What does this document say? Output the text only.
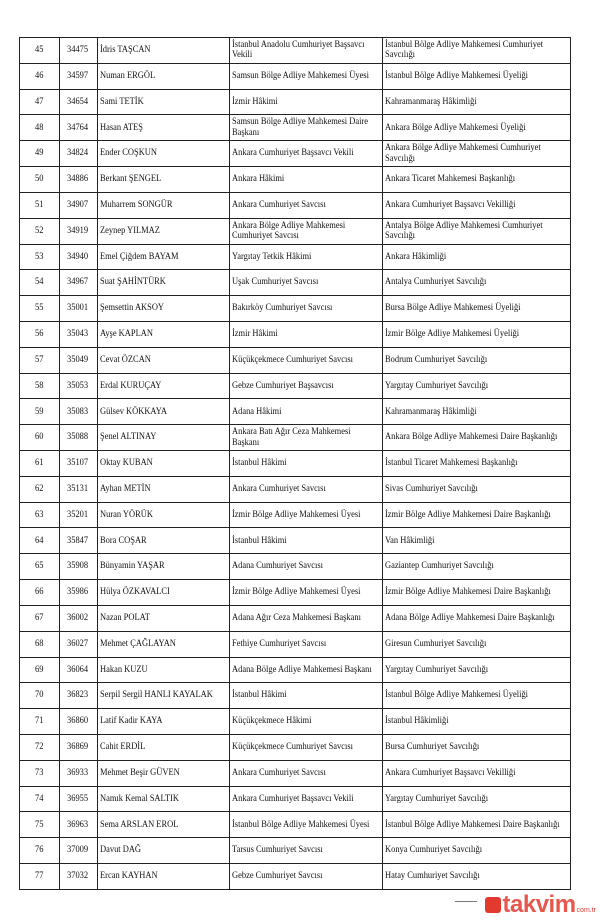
45	34475	İdris TAŞCAN	İstanbul Anadolu Cumhuriyet Başsavcı Vekili	İstanbul Bölge Adliye Mahkemesi Cumhuriyet Savcılığı

46	34597	Numan ERGÖL	Samsun Bölge Adliye Mahkemesi Üyesi	İstanbul Bölge Adliye Mahkemesi Üyeliği

47	34654	Sami TETİK	İzmir Hâkimi	Kahramanmaraş Hâkimliği

48	34764	Hasan ATEŞ	Samsun Bölge Adliye Mahkemesi Daire Başkanı	Ankara Bölge Adliye Mahkemesi Üyeliği

49	34824	Ender COŞKUN	Ankara Cumhuriyet Başsavcı Vekili	Ankara Bölge Adliye Mahkemesi Cumhuriyet Savcılığı

50	34886	Berkant ŞENGEL	Ankara Hâkimi	Ankara Ticaret Mahkemesi Başkanlığı

51	34907	Muharrem SONGÜR	Ankara Cumhuriyet Savcısı	Ankara Cumhuriyet Başsavcı Vekilliği

52	34919	Zeynep YILMAZ	Ankara Bölge Adliye Mahkemesi Cumhuriyet Savcısı	Antalya Bölge Adliye Mahkemesi Cumhuriyet Savcılığı

53	34940	Emel Çiğdem BAYAM	Yargıtay Tetkik Hâkimi	Ankara Hâkimliği

54	34967	Suat ŞAHİNTÜRK	Uşak Cumhuriyet Savcısı	Antalya Cumhuriyet Savcılığı

55	35001	Şemsettin AKSOY	Bakırköy Cumhuriyet Savcısı	Bursa Bölge Adliye Mahkemesi Üyeliği

56	35043	Ayşe KAPLAN	İzmir Hâkimi	İzmir Bölge Adliye Mahkemesi Üyeliği

57	35049	Cevat ÖZCAN	Küçükçekmece Cumhuriyet Savcısı	Bodrum Cumhuriyet Savcılığı

58	35053	Erdal KURUÇAY	Gebze Cumhuriyet Başsavcısı	Yargıtay Cumhuriyet Savcılığı

59	35083	Gülsev KÖKKAYA	Adana Hâkimi	Kahramanmaraş Hâkimliği

60	35088	Şenel ALTINAY	Ankara Batı Ağır Ceza Mahkemesi Başkanı	Ankara Bölge Adliye Mahkemesi Daire Başkanlığı

61	35107	Oktay KUBAN	İstanbul Hâkimi	İstanbul Ticaret Mahkemesi Başkanlığı

62	35131	Ayhan METİN	Ankara Cumhuriyet Savcısı	Sivas Cumhuriyet Savcılığı

63	35201	Nuran YÖRÜK	İzmir Bölge Adliye Mahkemesi Üyesi	İzmir Bölge Adliye Mahkemesi Daire Başkanlığı

64	35847	Bora COŞAR	İstanbul Hâkimi	Van Hâkimliği

65	35908	Bünyamin YAŞAR	Adana Cumhuriyet Savcısı	Gaziantep Cumhuriyet Savcılığı

66	35986	Hülya ÖZKAVALCI	İzmir Bölge Adliye Mahkemesi Üyesi	İzmir Bölge Adliye Mahkemesi Daire Başkanlığı

67	36002	Nazan POLAT	Adana Ağır Ceza Mahkemesi Başkanı	Adana Bölge Adliye Mahkemesi Daire Başkanlığı

68	36027	Mehmet ÇAĞLAYAN	Fethiye Cumhuriyet Savcısı	Giresun Cumhuriyet Savcılığı

69	36064	Hakan KUZU	Adana Bölge Adliye Mahkemesi Başkanı	Yargıtay Cumhuriyet Savcılığı

70	36823	Serpil Sergil HANLI KAYALAK	İstanbul Hâkimi	İstanbul Bölge Adliye Mahkemesi Üyeliği

71	36860	Latif Kadir KAYA	Küçükçekmece Hâkimi	İstanbul Hâkimliği

72	36869	Cahit ERDİL	Küçükçekmece Cumhuriyet Savcısı	Bursa Cumhuriyet Savcılığı

73	36933	Mehmet Beşir GÜVEN	Ankara Cumhuriyet Savcısı	Ankara Cumhuriyet Başsavcı Vekilliği

74	36955	Namık Kemal SALTIK	Ankara Cumhuriyet Başsavcı Vekili	Yargıtay Cumhuriyet Savcılığı

75	36963	Sema ARSLAN EROL	İstanbul Bölge Adliye Mahkemesi Üyesi	İstanbul Bölge Adliye Mahkemesi Daire Başkanlığı

76	37009	Davut DAĞ	Tarsus Cumhuriyet Savcısı	Konya Cumhuriyet Savcılığı

77	37032	Ercan KAYHAN	Gebze Cumhuriyet Savcısı	Hatay Cumhuriyet Savcılığı
takvim com.tr
